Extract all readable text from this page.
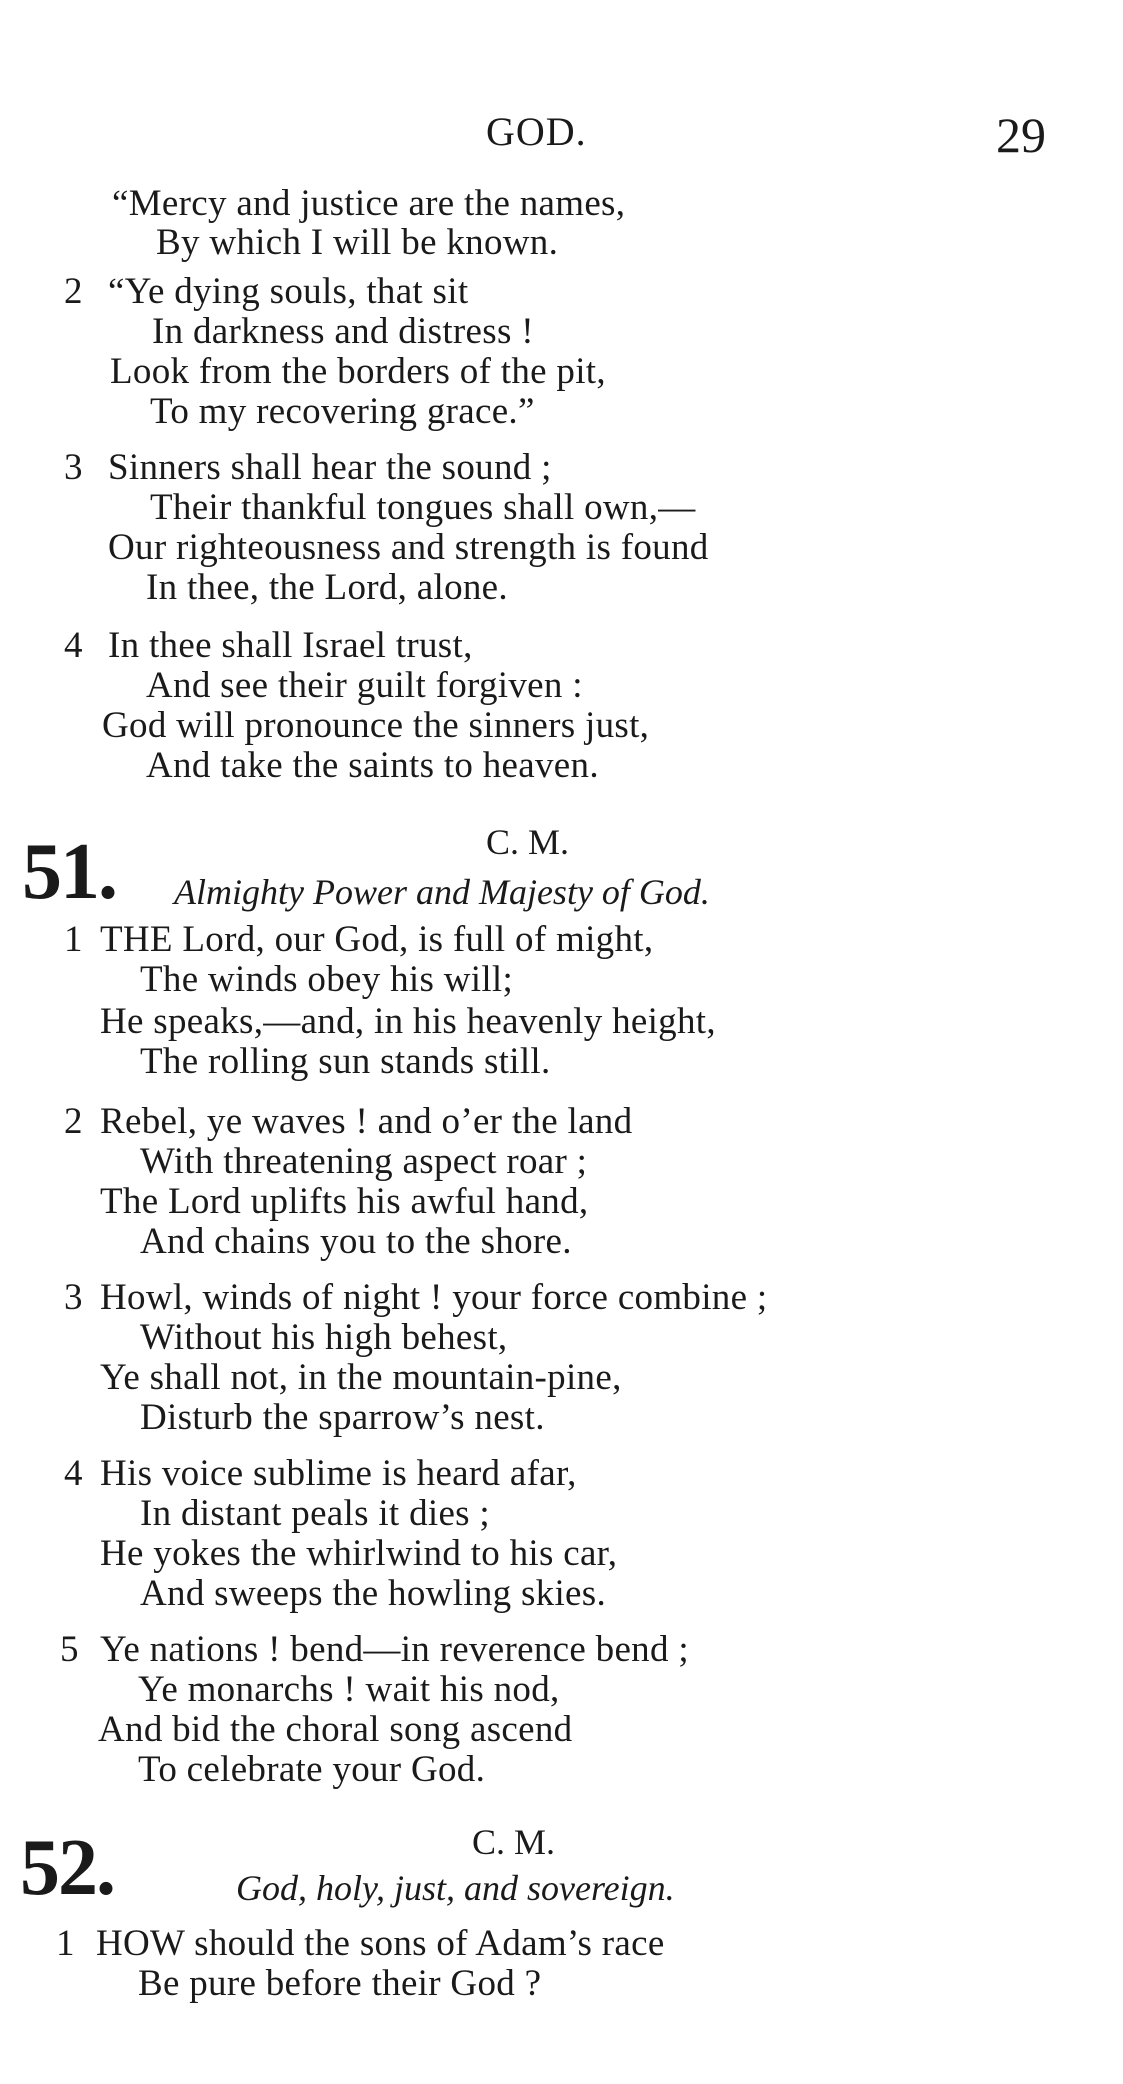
GOD.	29
“Mercy and justice are the names,
By which I will be known.
2 “Ye dying souls, that sit
In darkness and distress !
Look from the borders of the pit,
To my recovering grace.”
3 Sinners shall hear the sound ;
Their thankful tongues shall own,—
Our righteousness and strength is found
In thee, the Lord, alone.
4 In thee shall Israel trust,
And see their guilt forgiven :
God will pronounce the sinners just,
And take the saints to heaven.
C. M.
51. Almighty Power and Majesty of God.
1 THE Lord, our God, is full of might,
The winds obey his will;
He speaks,—and, in his heavenly height,
The rolling sun stands still.
2 Rebel, ye waves ! and o’er the land
With threatening aspect roar ;
The Lord uplifts his awful hand,
And chains you to the shore.
3 Howl, winds of night ! your force combine ;
Without his high behest,
Ye shall not, in the mountain-pine,
Disturb the sparrow’s nest.
4 His voice sublime is heard afar,
In distant peals it dies ;
He yokes the whirlwind to his car,
And sweeps the howling skies.
5 Ye nations ! bend—in reverence bend ;
Ye monarchs ! wait his nod,
And bid the choral song ascend
To celebrate your God.
C. M.
52.	God, holy, just, and sovereign.
1 HOW should the sons of Adam’s race
Be pure before their God ?
